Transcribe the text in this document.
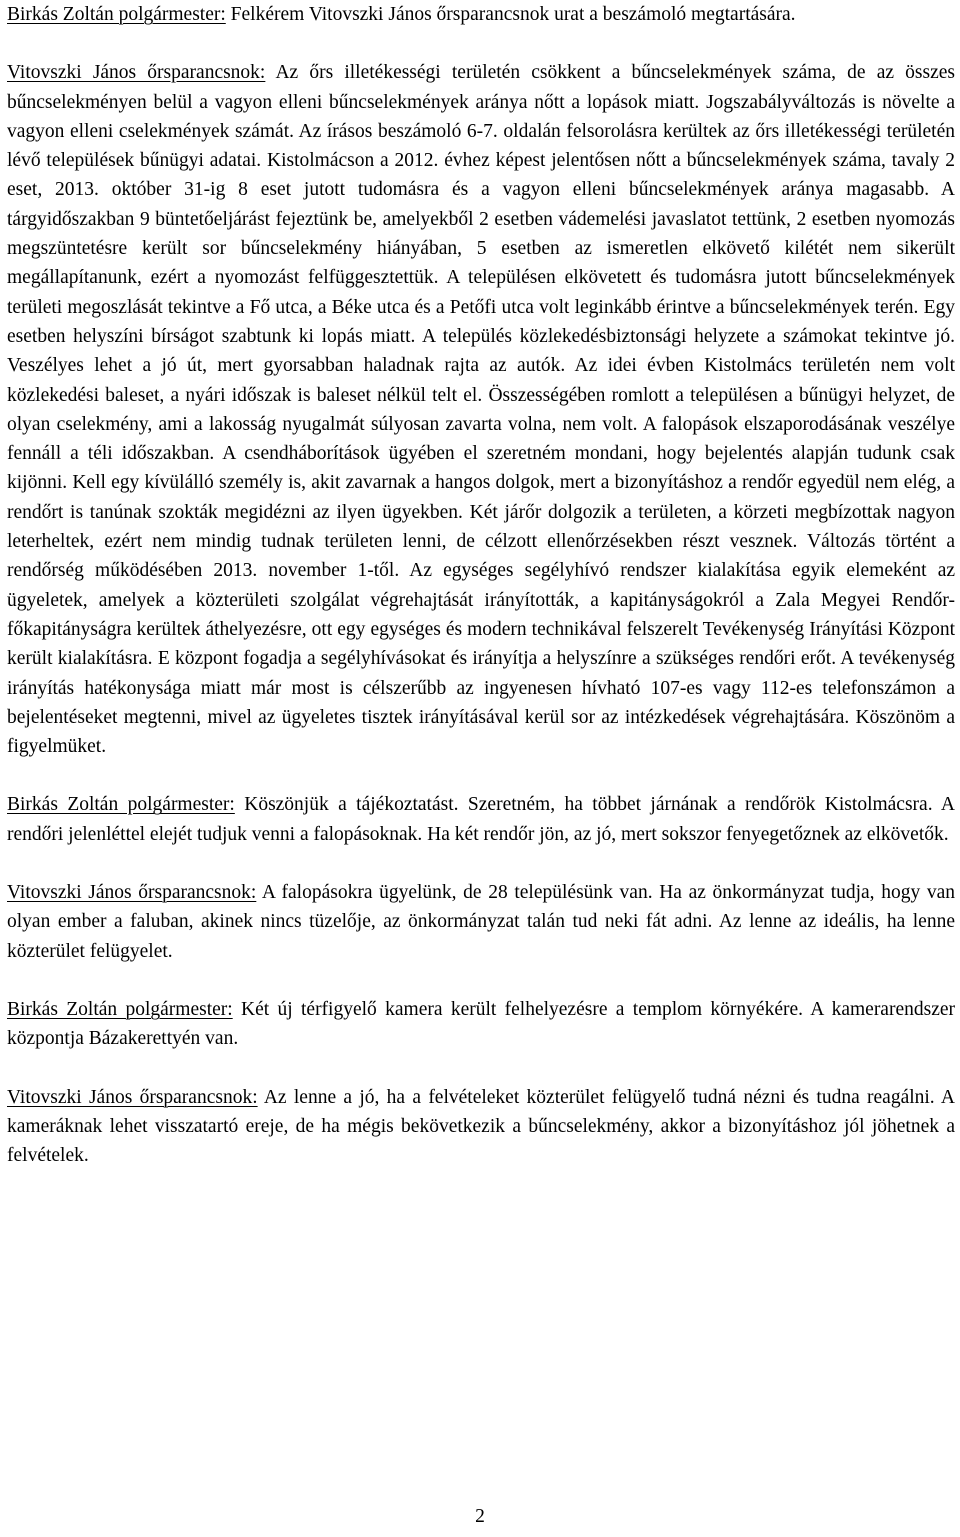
Birkás Zoltán polgármester: Felkérem Vitovszki János őrsparancsnok urat a beszámoló megtartására.

Vitovszki János őrsparancsnok: Az őrs illetékességi területén csökkent a bűncselekmények száma, de az összes bűncselekményen belül a vagyon elleni bűncselekmények aránya nőtt a lopások miatt. Jogszabályváltozás is növelte a vagyon elleni cselekmények számát. Az írásos beszámoló 6-7. oldalán felsorolásra kerültek az őrs illetékességi területén lévő települések bűnügyi adatai. Kistolmácson a 2012. évhez képest jelentősen nőtt a bűncselekmények száma, tavaly 2 eset, 2013. október 31-ig 8 eset jutott tudomásra és a vagyon elleni bűncselekmények aránya magasabb. A tárgyidőszakban 9 büntetőeljárást fejeztünk be, amelyekből 2 esetben vádemelési javaslatot tettünk, 2 esetben nyomozás megszüntetésre került sor bűncselekmény hiányában, 5 esetben az ismeretlen elkövető kilétét nem sikerült megállapítanunk, ezért a nyomozást felfüggesztettük. A településen elkövetett és tudomásra jutott bűncselekmények területi megoszlását tekintve a Fő utca, a Béke utca és a Petőfi utca volt leginkább érintve a bűncselekmények terén. Egy esetben helyszíni bírságot szabtunk ki lopás miatt. A település közlekedésbiztonsági helyzete a számokat tekintve jó. Veszélyes lehet a jó út, mert gyorsabban haladnak rajta az autók. Az idei évben Kistolmács területén nem volt közlekedési baleset, a nyári időszak is baleset nélkül telt el. Összességében romlott a településen a bűnügyi helyzet, de olyan cselekmény, ami a lakosság nyugalmát súlyosan zavarta volna, nem volt. A falopások elszaporodásának veszélye fennáll a téli időszakban. A csendháborítások ügyében el szeretném mondani, hogy bejelentés alapján tudunk csak kijönni. Kell egy kívülálló személy is, akit zavarnak a hangos dolgok, mert a bizonyításhoz a rendőr egyedül nem elég, a rendőrt is tanúnak szokták megidézni az ilyen ügyekben. Két járőr dolgozik a területen, a körzeti megbízottak nagyon leterheltek, ezért nem mindig tudnak területen lenni, de célzott ellenőrzésekben részt vesznek. Változás történt a rendőrség működésében 2013. november 1-től. Az egységes segélyhívó rendszer kialakítása egyik elemeként az ügyeletek, amelyek a közterületi szolgálat végrehajtását irányították, a kapitányságokról a Zala Megyei Rendőr-főkapitányságra kerültek áthelyezésre, ott egy egységes és modern technikával felszerelt Tevékenység Irányítási Központ került kialakításra. E központ fogadja a segélyhívásokat és irányítja a helyszínre a szükséges rendőri erőt. A tevékenység irányítás hatékonysága miatt már most is célszerűbb az ingyenesen hívható 107-es vagy 112-es telefonszámon a bejelentéseket megtenni, mivel az ügyeletes tisztek irányításával kerül sor az intézkedések végrehajtására. Köszönöm a figyelmüket.

Birkás Zoltán polgármester: Köszönjük a tájékoztatást. Szeretném, ha többet járnának a rendőrök Kistolmácsra. A rendőri jelenléttel elejét tudjuk venni a falopásoknak. Ha két rendőr jön, az jó, mert sokszor fenyegetőznek az elkövetők.

Vitovszki János őrsparancsnok: A falopásokra ügyelünk, de 28 településünk van. Ha az önkormányzat tudja, hogy van olyan ember a faluban, akinek nincs tüzelője, az önkormányzat talán tud neki fát adni. Az lenne az ideális, ha lenne közterület felügyelet.

Birkás Zoltán polgármester: Két új térfigyelő kamera került felhelyezésre a templom környékére. A kamerarendszer központja Bázakerettyén van.

Vitovszki János őrsparancsnok: Az lenne a jó, ha a felvételeket közterület felügyelő tudná nézni és tudna reagálni. A kameráknak lehet visszatartó ereje, de ha mégis bekövetkezik a bűncselekmény, akkor a bizonyításhoz jól jöhetnek a felvételek.

2
